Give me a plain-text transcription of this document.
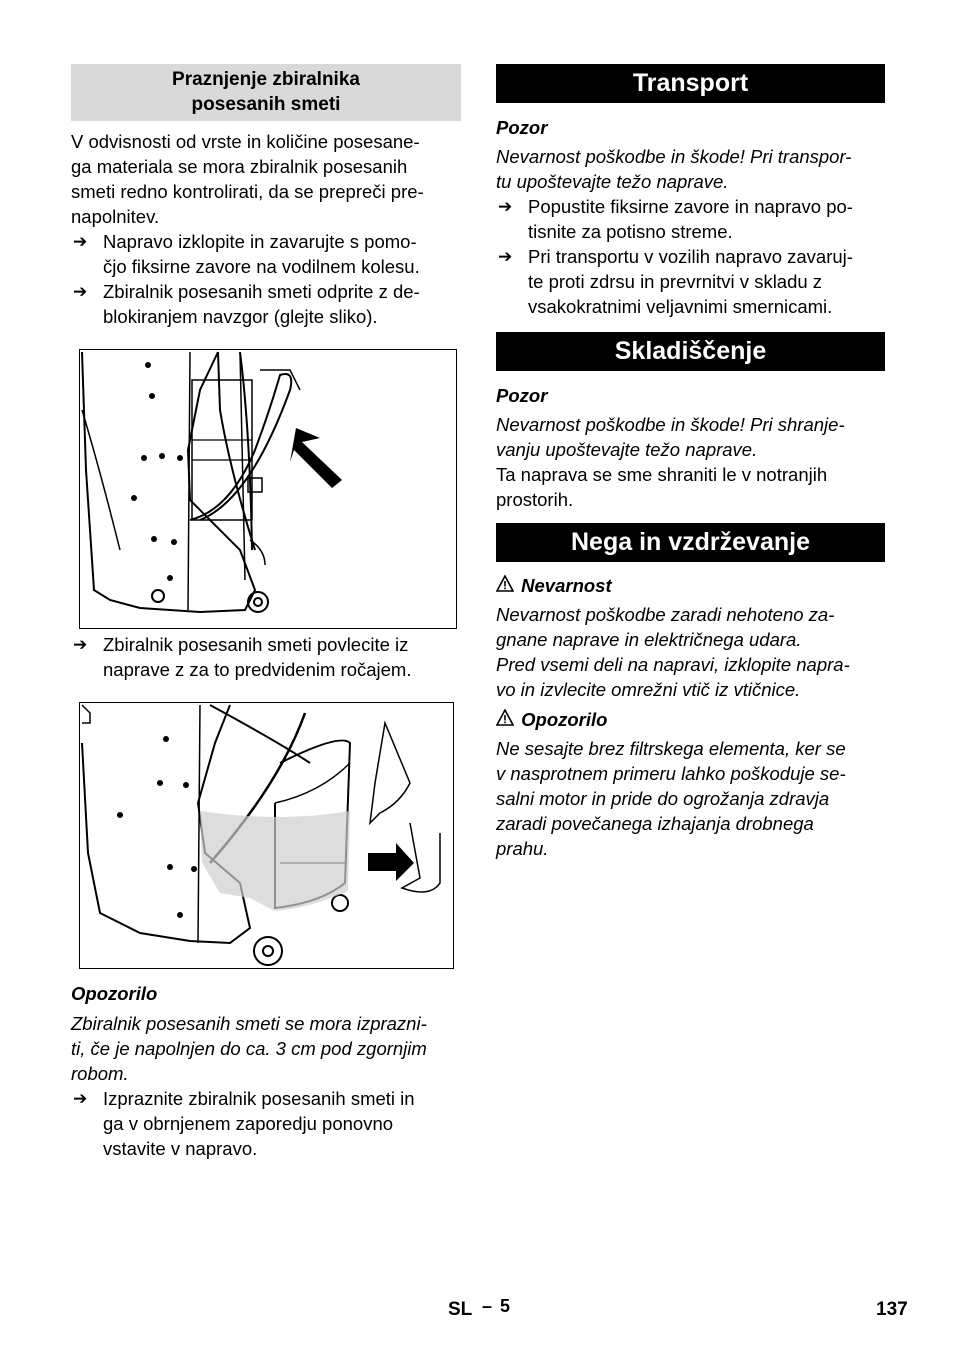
Praznjenje zbiralnika
posesanih smeti

V odvisnosti od vrste in količine posesane-
ga materiala se mora zbiralnik posesanih
smeti redno kontrolirati, da se prepreči pre-
napolnitev.

➔ Napravo izklopite in zavarujte s pomo-
čjo fiksirne zavore na vodilnem kolesu.
➔ Zbiralnik posesanih smeti odprite z de-
blokiranjem navzgor (glejte sliko).
➔ Zbiralnik posesanih smeti povlecite iz
naprave z za to predvidenim ročajem.
Opozorilo

Zbiralnik posesanih smeti se mora izprazni-
ti, če je napolnjen do ca. 3 cm pod zgornjim
robom.

➔ Izpraznite zbiralnik posesanih smeti in
ga v obrnjenem zaporedju ponovno
vstavite v napravo.
Transport
Pozor

Nevarnost poškodbe in škode! Pri transpor-
tu upoštevajte težo naprave.

➔ Popustite fiksirne zavore in napravo po-
tisnite za potisno streme.
➔ Pri transportu v vozilih napravo zavaruj-
te proti zdrsu in prevrnitvi v skladu z
vsakokratnimi veljavnimi smernicami.
Skladiščenje
Pozor

Nevarnost poškodbe in škode! Pri shranje-
vanju upoštevajte težo naprave.

Ta naprava se sme shraniti le v notranjih
prostorih.

Nega in vzdrževanje
Nevarnost

Nevarnost poškodbe zaradi nehoteno za-
gnane naprave in električnega udara.
Pred vsemi deli na napravi, izklopite napra-
vo in izvlecite omrežni vtič iz vtičnice.

Opozorilo

Ne sesajte brez filtrskega elementa, ker se
v nasprotnem primeru lahko poškoduje se-
salni motor in pride do ogrožanja zdravja
zaradi povečanega izhajanja drobnega
prahu.

SL – 5	137
